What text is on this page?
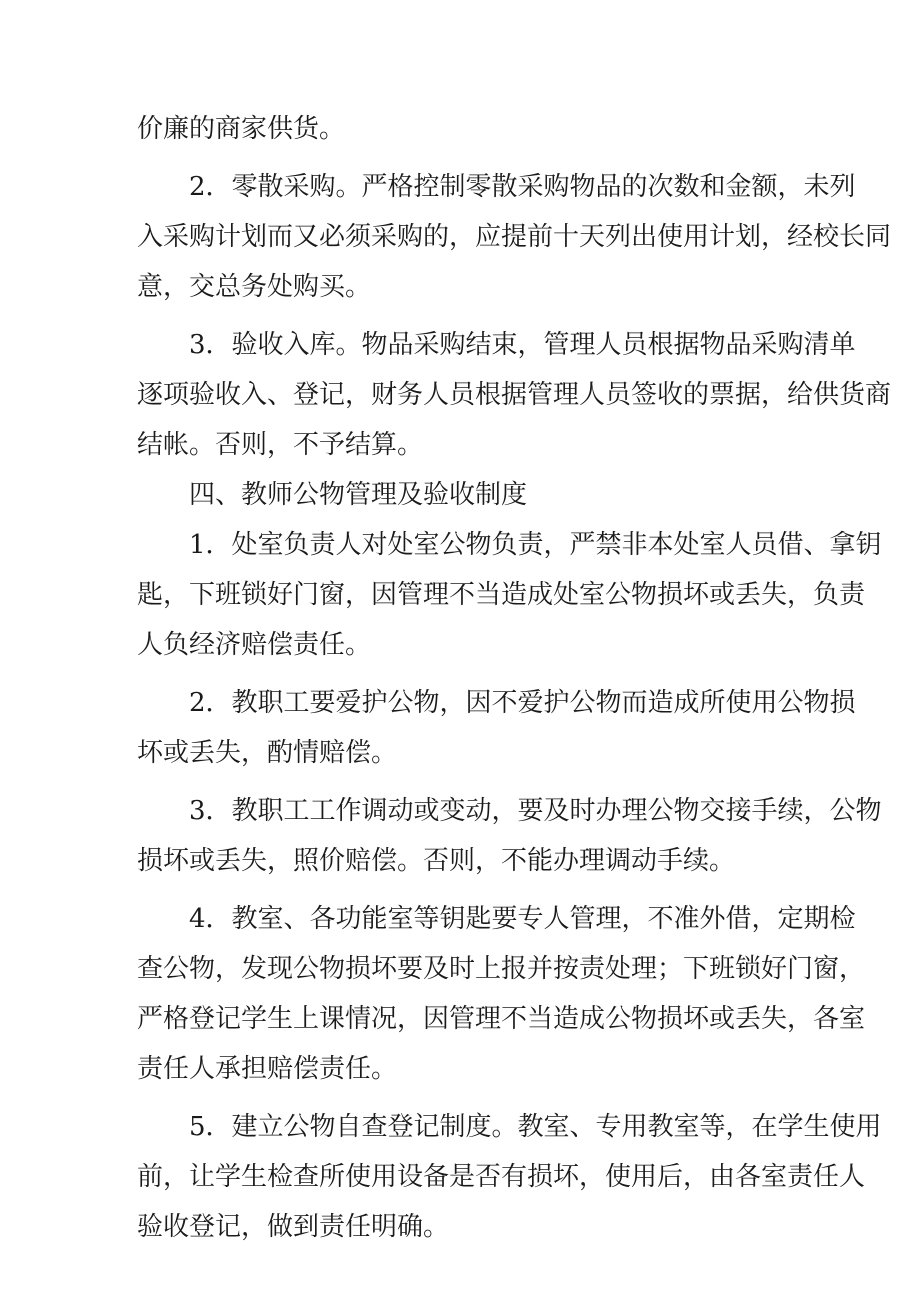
价廉的商家供货。
2．零散采购。严格控制零散采购物品的次数和金额，未列
入采购计划而又必须采购的，应提前十天列出使用计划，经校长同
意，交总务处购买。
3．验收入库。物品采购结束，管理人员根据物品采购清单
逐项验收入、登记，财务人员根据管理人员签收的票据，给供货商
结帐。否则，不予结算。
四、教师公物管理及验收制度
1．处室负责人对处室公物负责，严禁非本处室人员借、拿钥
匙，下班锁好门窗，因管理不当造成处室公物损坏或丢失，负责
人负经济赔偿责任。
2．教职工要爱护公物，因不爱护公物而造成所使用公物损
坏或丢失，酌情赔偿。
3．教职工工作调动或变动，要及时办理公物交接手续，公物
损坏或丢失，照价赔偿。否则，不能办理调动手续。
4．教室、各功能室等钥匙要专人管理，不准外借，定期检
查公物，发现公物损坏要及时上报并按责处理；下班锁好门窗，
严格登记学生上课情况，因管理不当造成公物损坏或丢失，各室
责任人承担赔偿责任。
5．建立公物自查登记制度。教室、专用教室等，在学生使用
前，让学生检查所使用设备是否有损坏，使用后，由各室责任人
验收登记，做到责任明确。
